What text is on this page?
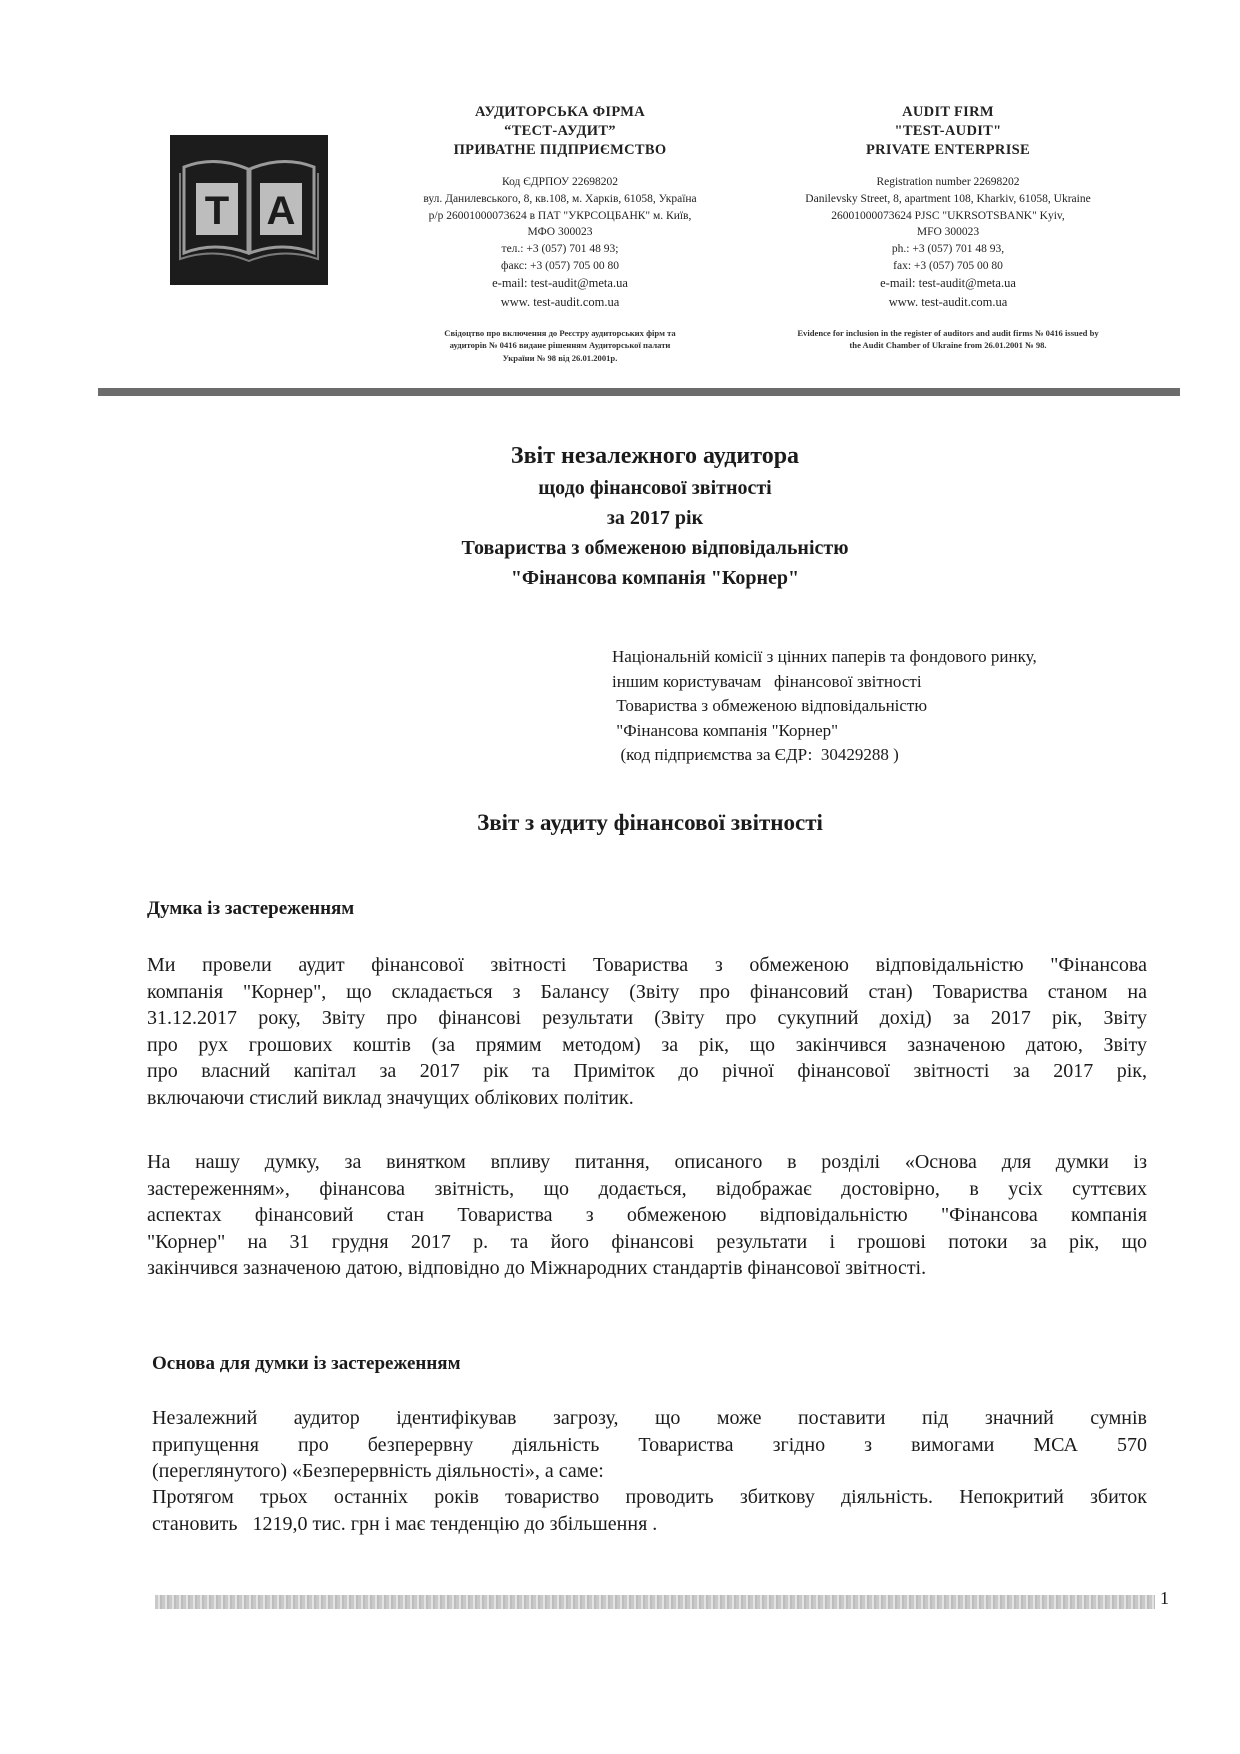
T A
АУДИТОРСЬКА ФІРМА
“ТЕСТ-АУДИТ”
ПРИВАТНЕ ПІДПРИЄМСТВО
Код ЄДРПОУ 22698202
вул. Данилевського, 8, кв.108, м. Харків, 61058, Україна
р/р 26001000073624 в ПАТ "УКРСОЦБАНК" м. Київ,
МФО 300023
тел.: +3 (057) 701 48 93;
факс: +3 (057) 705 00 80
e-mail: test-audit@meta.ua
www. test-audit.com.ua
Свідоцтво про включення до Реєстру аудиторських фірм та
аудиторів № 0416 видане рішенням Аудиторської палати
України № 98 від 26.01.2001р.
AUDIT FIRM
"TEST-AUDIT"
PRIVATE ENTERPRISE
Registration number 22698202
Danilevsky Street, 8, apartment 108, Kharkiv, 61058, Ukraine
26001000073624 PJSC "UKRSOTSBANK" Kyiv,
MFO 300023
ph.: +3 (057) 701 48 93,
fax: +3 (057) 705 00 80
e-mail: test-audit@meta.ua
www. test-audit.com.ua
Evidence for inclusion in the register of auditors and audit firms № 0416 issued by
the Audit Chamber of Ukraine from 26.01.2001 № 98.
Звіт незалежного аудитора
щодо фінансової звітності
за 2017 рік
Товариства з обмеженою відповідальністю
"Фінансова компанія "Корнер"
Національній комісії з цінних паперів та фондового ринку,
іншим користувачам   фінансової звітності
Товариства з обмеженою відповідальністю
"Фінансова компанія "Корнер"
(код підприємства за ЄДР:  30429288 )
Звіт з аудиту фінансової звітності
Думка із застереженням
Ми провели аудит фінансової звітності Товариства з обмеженою відповідальністю "Фінансова
компанія "Корнер", що складається з Балансу (Звіту про фінансовий стан) Товариства станом на
31.12.2017 року, Звіту про фінансові результати (Звіту про сукупний дохід) за 2017 рік, Звіту
про рух грошових коштів (за прямим методом) за рік, що закінчився зазначеною датою, Звіту
про власний капітал за 2017 рік та Приміток до річної фінансової звітності за 2017 рік,
включаючи стислий виклад значущих облікових політик.
На нашу думку, за винятком впливу питання, описаного в розділі «Основа для думки із
застереженням», фінансова звітність, що додається, відображає достовірно, в усіх суттєвих
аспектах фінансовий стан Товариства з обмеженою відповідальністю "Фінансова компанія
"Корнер" на 31 грудня 2017 р. та його фінансові результати і грошові потоки за рік, що
закінчився зазначеною датою, відповідно до Міжнародних стандартів фінансової звітності.
Основа для думки із застереженням
Незалежний аудитор ідентифікував загрозу, що може поставити під значний сумнів
припущення про безперервну діяльність Товариства згідно з вимогами МСА 570
(переглянутого) «Безперервність діяльності», а саме:
Протягом трьох останніх років товариство проводить збиткову діяльність. Непокритий збиток
становить   1219,0 тис. грн і має тенденцію до збільшення .
1
